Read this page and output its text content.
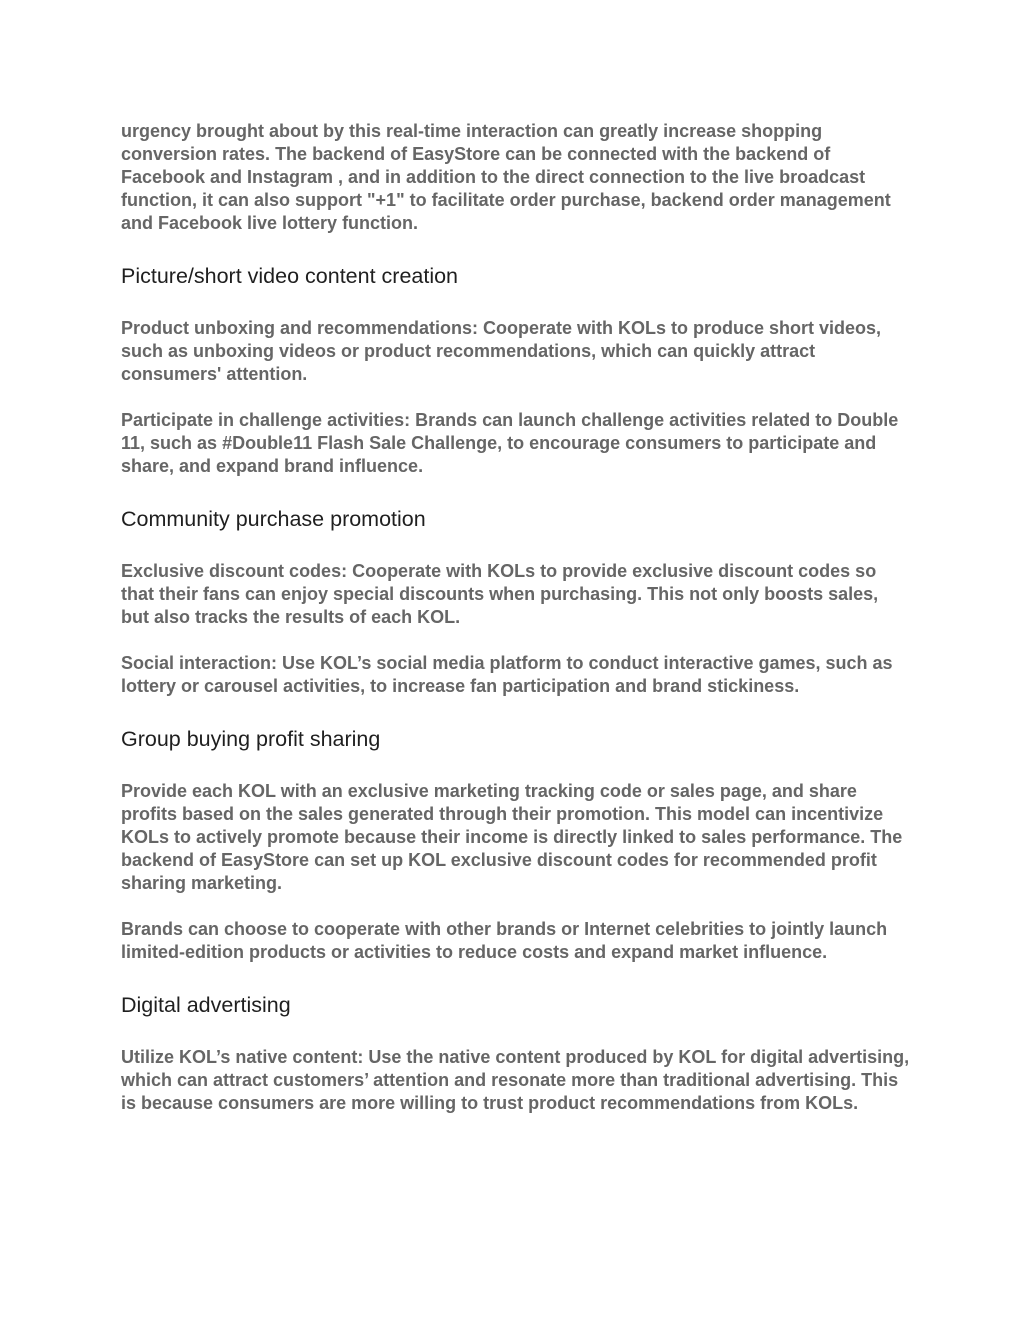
urgency brought about by this real-time interaction can greatly increase shopping conversion rates. The backend of EasyStore can be connected with the backend of Facebook and Instagram , and in addition to the direct connection to the live broadcast function, it can also support "+1" to facilitate order purchase, backend order management and Facebook live lottery function.

Picture/short video content creation

Product unboxing and recommendations: Cooperate with KOLs to produce short videos, such as unboxing videos or product recommendations, which can quickly attract consumers' attention.

Participate in challenge activities: Brands can launch challenge activities related to Double 11, such as #Double11 Flash Sale Challenge, to encourage consumers to participate and share, and expand brand influence.

Community purchase promotion

Exclusive discount codes: Cooperate with KOLs to provide exclusive discount codes so that their fans can enjoy special discounts when purchasing. This not only boosts sales, but also tracks the results of each KOL.

Social interaction: Use KOL’s social media platform to conduct interactive games, such as lottery or carousel activities, to increase fan participation and brand stickiness.

Group buying profit sharing

Provide each KOL with an exclusive marketing tracking code or sales page, and share profits based on the sales generated through their promotion. This model can incentivize KOLs to actively promote because their income is directly linked to sales performance. The backend of EasyStore can set up KOL exclusive discount codes for recommended profit sharing marketing.

Brands can choose to cooperate with other brands or Internet celebrities to jointly launch limited-edition products or activities to reduce costs and expand market influence.

Digital advertising

Utilize KOL’s native content: Use the native content produced by KOL for digital advertising, which can attract customers’ attention and resonate more than traditional advertising. This is because consumers are more willing to trust product recommendations from KOLs.
